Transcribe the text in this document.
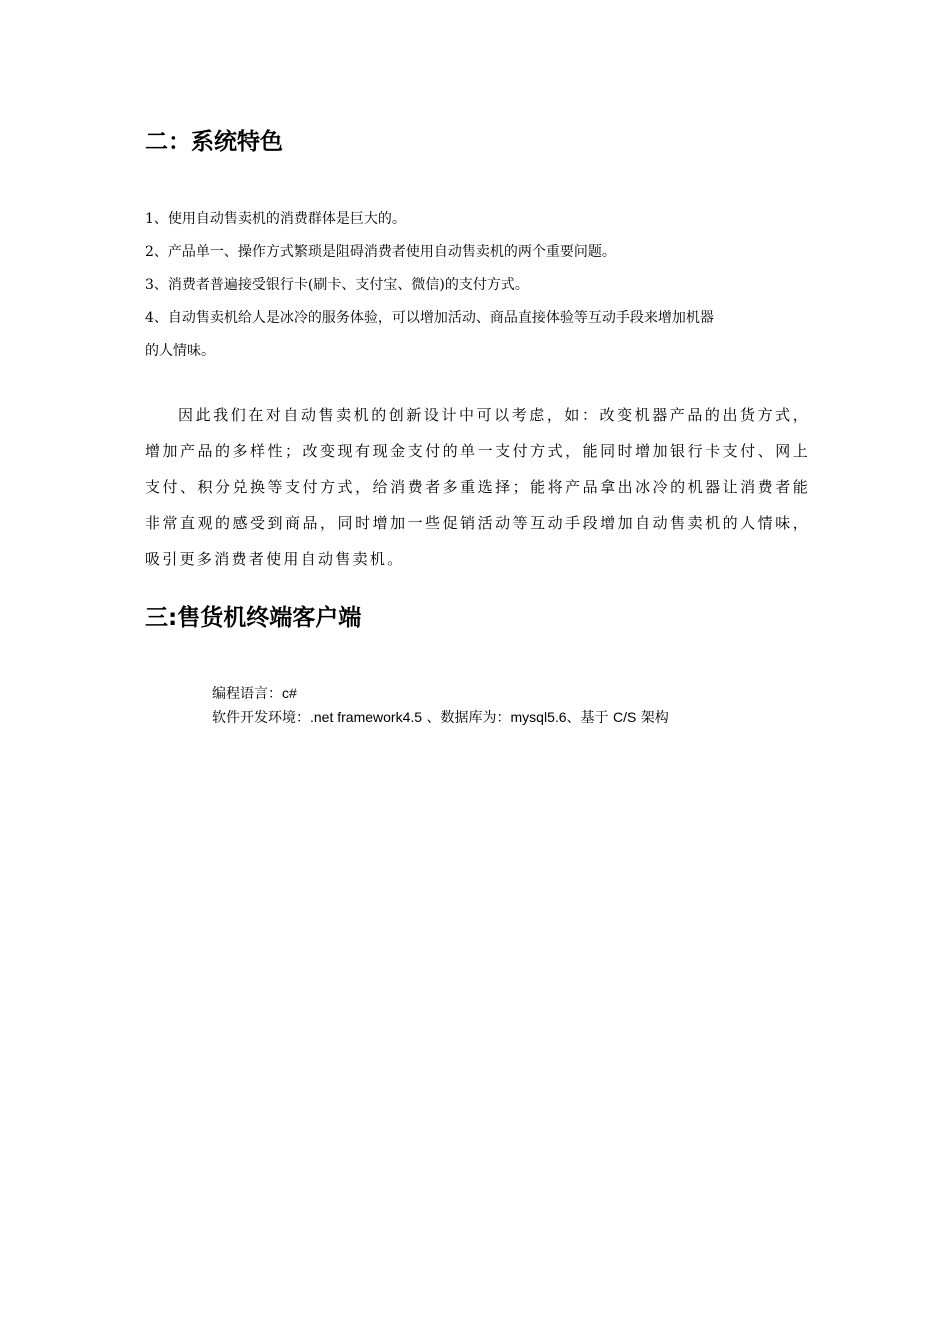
二：系统特色
1、使用自动售卖机的消费群体是巨大的。
2、产品单一、操作方式繁琐是阻碍消费者使用自动售卖机的两个重要问题。
3、消费者普遍接受银行卡(刷卡、支付宝、微信)的支付方式。
4、自动售卖机给人是冰冷的服务体验，可以增加活动、商品直接体验等互动手段来增加机器
的人情味。

因此我们在对自动售卖机的创新设计中可以考虑，如：改变机器产品的出货方式，增加产品的多样性；改变现有现金支付的单一支付方式，能同时增加银行卡支付、网上支付、积分兑换等支付方式，给消费者多重选择；能将产品拿出冰冷的机器让消费者能非常直观的感受到商品，同时增加一些促销活动等互动手段增加自动售卖机的人情味，吸引更多消费者使用自动售卖机。

三:售货机终端客户端
编程语言：c#
软件开发环境：.net framework4.5 、数据库为：mysql5.6、基于 C/S 架构
